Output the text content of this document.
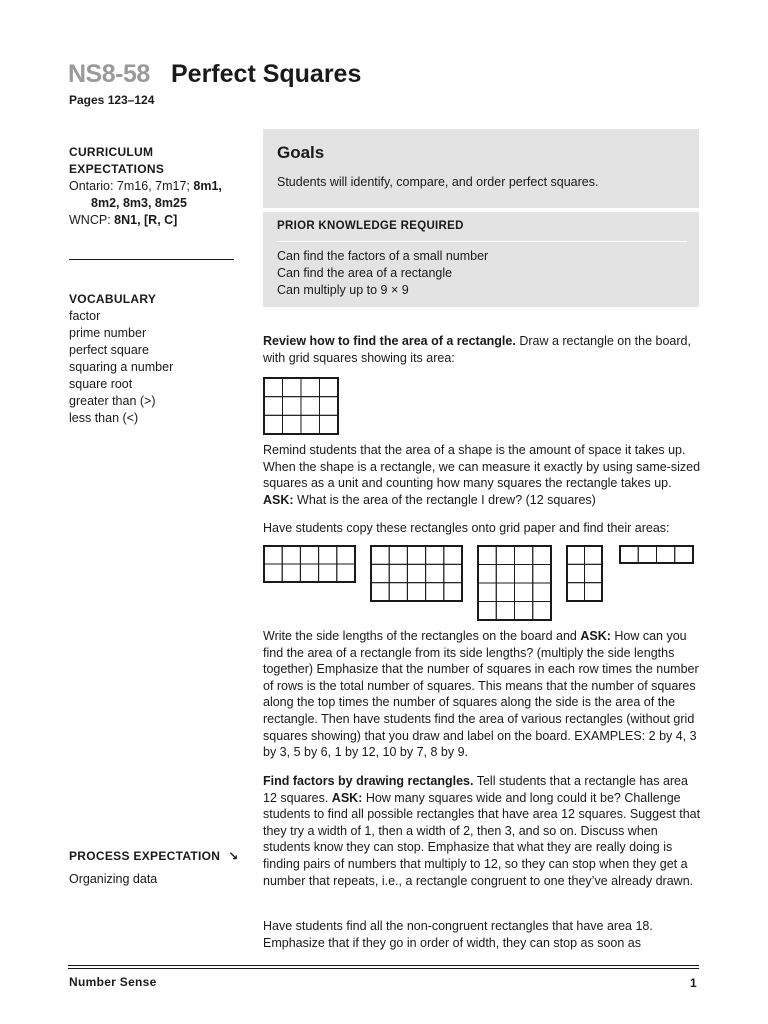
NS8-58 Perfect Squares
Pages 123–124
CURRICULUM
EXPECTATIONS
Ontario: 7m16, 7m17; 8m1,
8m2, 8m3, 8m25
WNCP: 8N1, [R, C]
VOCABULARY
factor
prime number
perfect square
squaring a number
square root
greater than (>)
less than (<)
PROCESS EXPECTATION ↘
Organizing data
Goals
Students will identify, compare, and order perfect squares.
PRIOR KNOWLEDGE REQUIRED
Can find the factors of a small number
Can find the area of a rectangle
Can multiply up to 9 × 9
Review how to find the area of a rectangle. Draw a rectangle on the board, with grid squares showing its area:
Remind students that the area of a shape is the amount of space it takes up. When the shape is a rectangle, we can measure it exactly by using same-sized squares as a unit and counting how many squares the rectangle takes up. ASK: What is the area of the rectangle I drew? (12 squares)
Have students copy these rectangles onto grid paper and find their areas:
Write the side lengths of the rectangles on the board and ASK: How can you find the area of a rectangle from its side lengths? (multiply the side lengths together) Emphasize that the number of squares in each row times the number of rows is the total number of squares. This means that the number of squares along the top times the number of squares along the side is the area of the rectangle. Then have students find the area of various rectangles (without grid squares showing) that you draw and label on the board. EXAMPLES: 2 by 4, 3 by 3, 5 by 6, 1 by 12, 10 by 7, 8 by 9.
Find factors by drawing rectangles. Tell students that a rectangle has area 12 squares. ASK: How many squares wide and long could it be? Challenge students to find all possible rectangles that have area 12 squares. Suggest that they try a width of 1, then a width of 2, then 3, and so on. Discuss when students know they can stop. Emphasize that what they are really doing is finding pairs of numbers that multiply to 12, so they can stop when they get a number that repeats, i.e., a rectangle congruent to one they’ve already drawn.
Have students find all the non-congruent rectangles that have area 18. Emphasize that if they go in order of width, they can stop as soon as
Number Sense	1
